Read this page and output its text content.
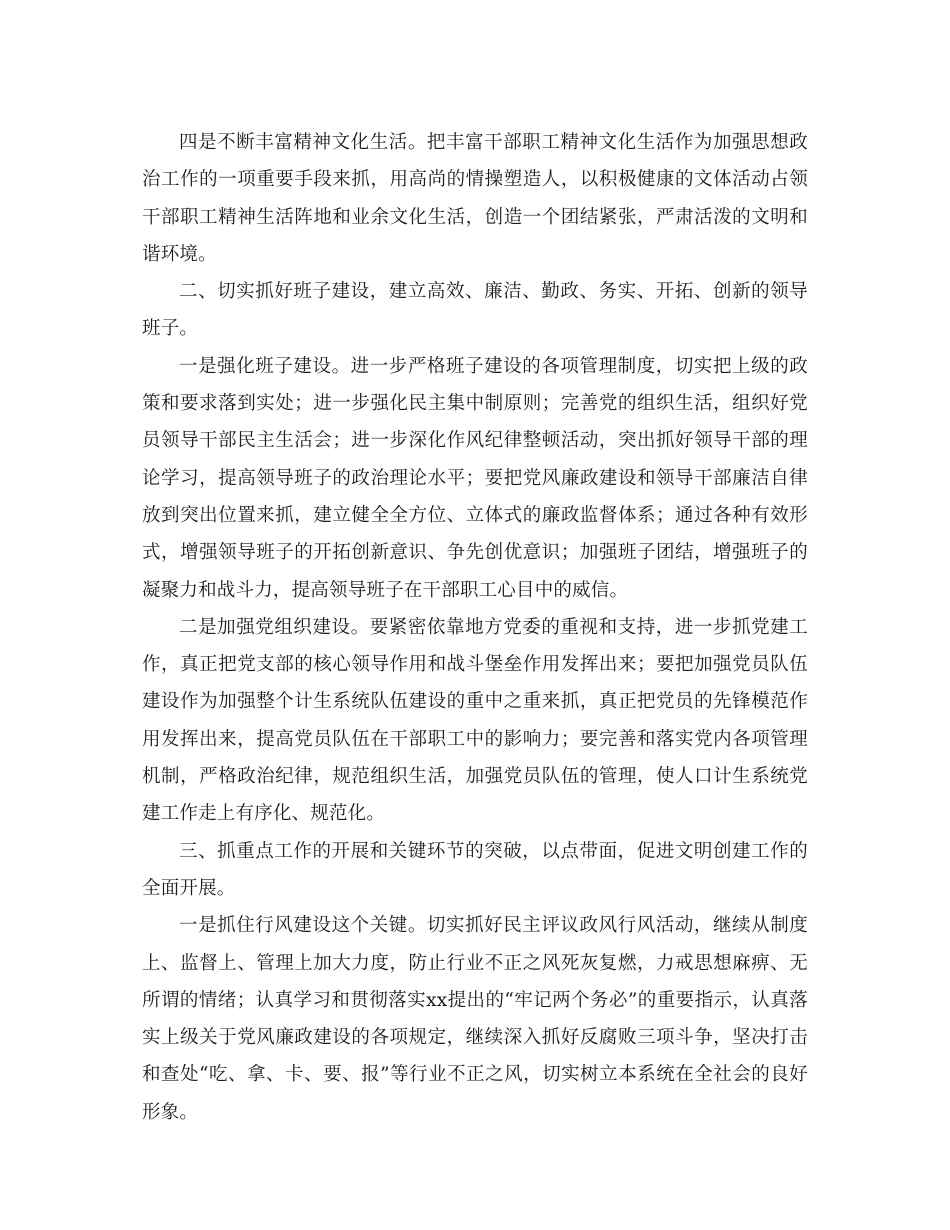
四是不断丰富精神文化生活。把丰富干部职工精神文化生活作为加强思想政治工作的一项重要手段来抓，用高尚的情操塑造人，以积极健康的文体活动占领干部职工精神生活阵地和业余文化生活，创造一个团结紧张，严肃活泼的文明和谐环境。

二、切实抓好班子建设，建立高效、廉洁、勤政、务实、开拓、创新的领导班子。

一是强化班子建设。进一步严格班子建设的各项管理制度，切实把上级的政策和要求落到实处；进一步强化民主集中制原则；完善党的组织生活，组织好党员领导干部民主生活会；进一步深化作风纪律整顿活动，突出抓好领导干部的理论学习，提高领导班子的政治理论水平；要把党风廉政建设和领导干部廉洁自律放到突出位置来抓，建立健全全方位、立体式的廉政监督体系；通过各种有效形式，增强领导班子的开拓创新意识、争先创优意识；加强班子团结，增强班子的凝聚力和战斗力，提高领导班子在干部职工心目中的威信。

二是加强党组织建设。要紧密依靠地方党委的重视和支持，进一步抓党建工作，真正把党支部的核心领导作用和战斗堡垒作用发挥出来；要把加强党员队伍建设作为加强整个计生系统队伍建设的重中之重来抓，真正把党员的先锋模范作用发挥出来，提高党员队伍在干部职工中的影响力；要完善和落实党内各项管理机制，严格政治纪律，规范组织生活，加强党员队伍的管理，使人口计生系统党建工作走上有序化、规范化。

三、抓重点工作的开展和关键环节的突破，以点带面，促进文明创建工作的全面开展。

一是抓住行风建设这个关键。切实抓好民主评议政风行风活动，继续从制度上、监督上、管理上加大力度，防止行业不正之风死灰复燃，力戒思想麻痹、无所谓的情绪；认真学习和贯彻落实xx提出的“牢记两个务必”的重要指示，认真落实上级关于党风廉政建设的各项规定，继续深入抓好反腐败三项斗争，坚决打击和查处“吃、拿、卡、要、报”等行业不正之风，切实树立本系统在全社会的良好形象。
